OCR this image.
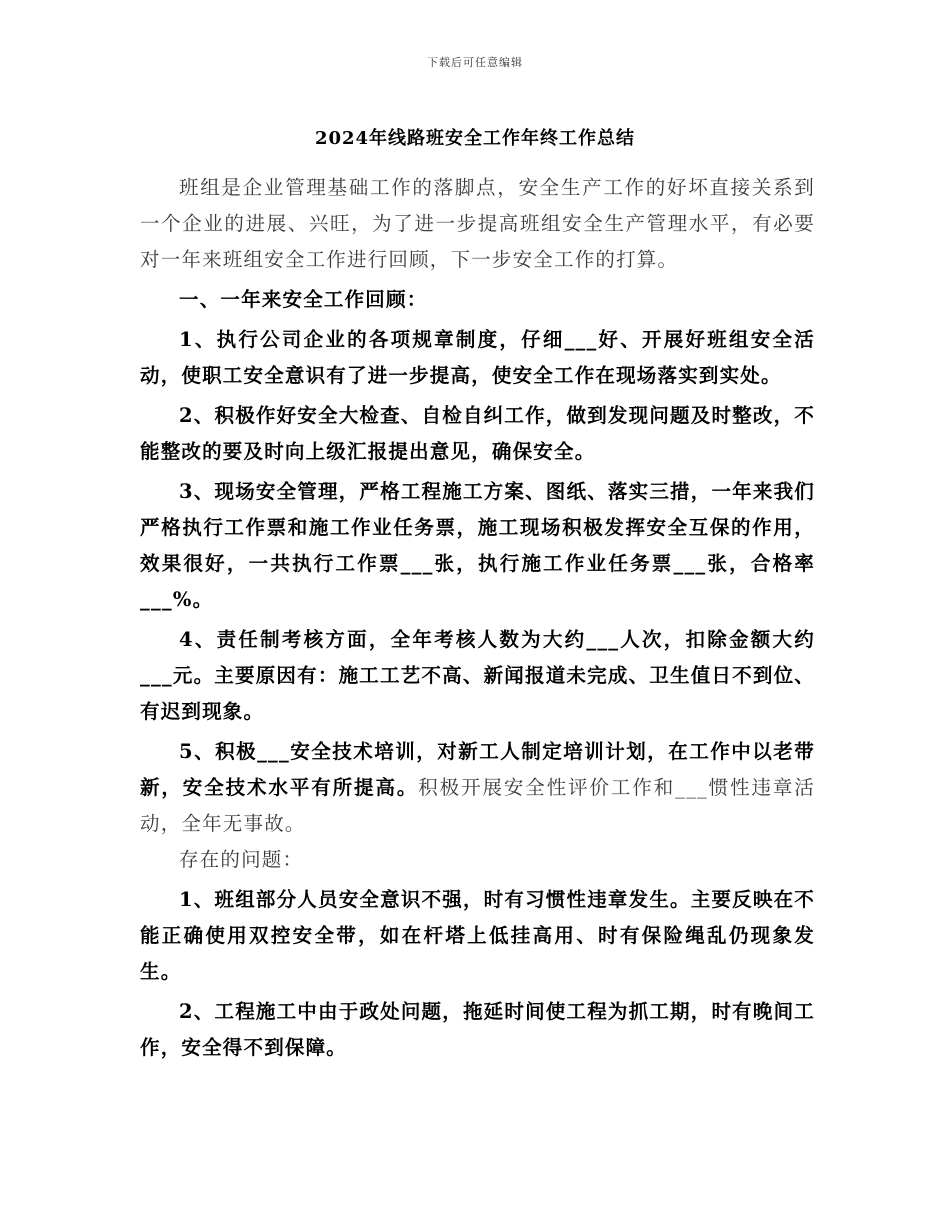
下载后可任意编辑
2024年线路班安全工作年终工作总结

班组是企业管理基础工作的落脚点，安全生产工作的好坏直接关系到一个企业的进展、兴旺，为了进一步提高班组安全生产管理水平，有必要对一年来班组安全工作进行回顾，下一步安全工作的打算。

一、一年来安全工作回顾：

1、执行公司企业的各项规章制度，仔细___好、开展好班组安全活动，使职工安全意识有了进一步提高，使安全工作在现场落实到实处。

2、积极作好安全大检查、自检自纠工作，做到发现问题及时整改，不能整改的要及时向上级汇报提出意见，确保安全。

3、现场安全管理，严格工程施工方案、图纸、落实三措，一年来我们严格执行工作票和施工作业任务票，施工现场积极发挥安全互保的作用，效果很好，一共执行工作票___张，执行施工作业任务票___张，合格率___%。

4、责任制考核方面，全年考核人数为大约___人次，扣除金额大约___元。主要原因有：施工工艺不高、新闻报道未完成、卫生值日不到位、有迟到现象。

5、积极___安全技术培训，对新工人制定培训计划，在工作中以老带新，安全技术水平有所提高。积极开展安全性评价工作和___惯性违章活动，全年无事故。

存在的问题：

1、班组部分人员安全意识不强，时有习惯性违章发生。主要反映在不能正确使用双控安全带，如在杆塔上低挂高用、时有保险绳乱仍现象发生。

2、工程施工中由于政处问题，拖延时间使工程为抓工期，时有晚间工作，安全得不到保障。
